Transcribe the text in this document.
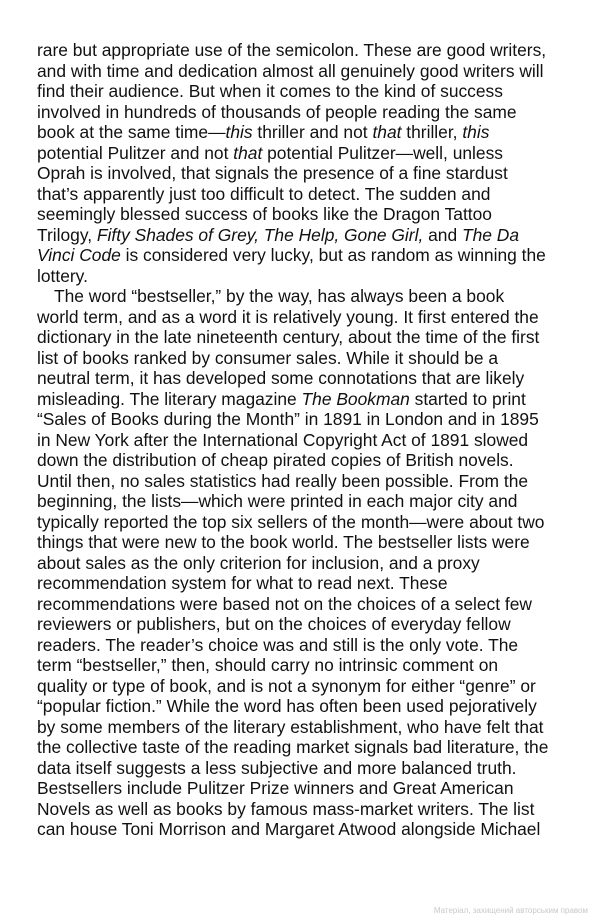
rare but appropriate use of the semicolon. These are good writers,
and with time and dedication almost all genuinely good writers will
find their audience. But when it comes to the kind of success
involved in hundreds of thousands of people reading the same
book at the same time—this thriller and not that thriller, this
potential Pulitzer and not that potential Pulitzer—well, unless
Oprah is involved, that signals the presence of a fine stardust
that’s apparently just too difficult to detect. The sudden and
seemingly blessed success of books like the Dragon Tattoo
Trilogy, Fifty Shades of Grey, The Help, Gone Girl, and The Da
Vinci Code is considered very lucky, but as random as winning the
lottery.
The word “bestseller,” by the way, has always been a book
world term, and as a word it is relatively young. It first entered the
dictionary in the late nineteenth century, about the time of the first
list of books ranked by consumer sales. While it should be a
neutral term, it has developed some connotations that are likely
misleading. The literary magazine The Bookman started to print
“Sales of Books during the Month” in 1891 in London and in 1895
in New York after the International Copyright Act of 1891 slowed
down the distribution of cheap pirated copies of British novels.
Until then, no sales statistics had really been possible. From the
beginning, the lists—which were printed in each major city and
typically reported the top six sellers of the month—were about two
things that were new to the book world. The bestseller lists were
about sales as the only criterion for inclusion, and a proxy
recommendation system for what to read next. These
recommendations were based not on the choices of a select few
reviewers or publishers, but on the choices of everyday fellow
readers. The reader’s choice was and still is the only vote. The
term “bestseller,” then, should carry no intrinsic comment on
quality or type of book, and is not a synonym for either “genre” or
“popular fiction.” While the word has often been used pejoratively
by some members of the literary establishment, who have felt that
the collective taste of the reading market signals bad literature, the
data itself suggests a less subjective and more balanced truth.
Bestsellers include Pulitzer Prize winners and Great American
Novels as well as books by famous mass-market writers. The list
can house Toni Morrison and Margaret Atwood alongside Michael
Матеріал, захищений авторським правом
